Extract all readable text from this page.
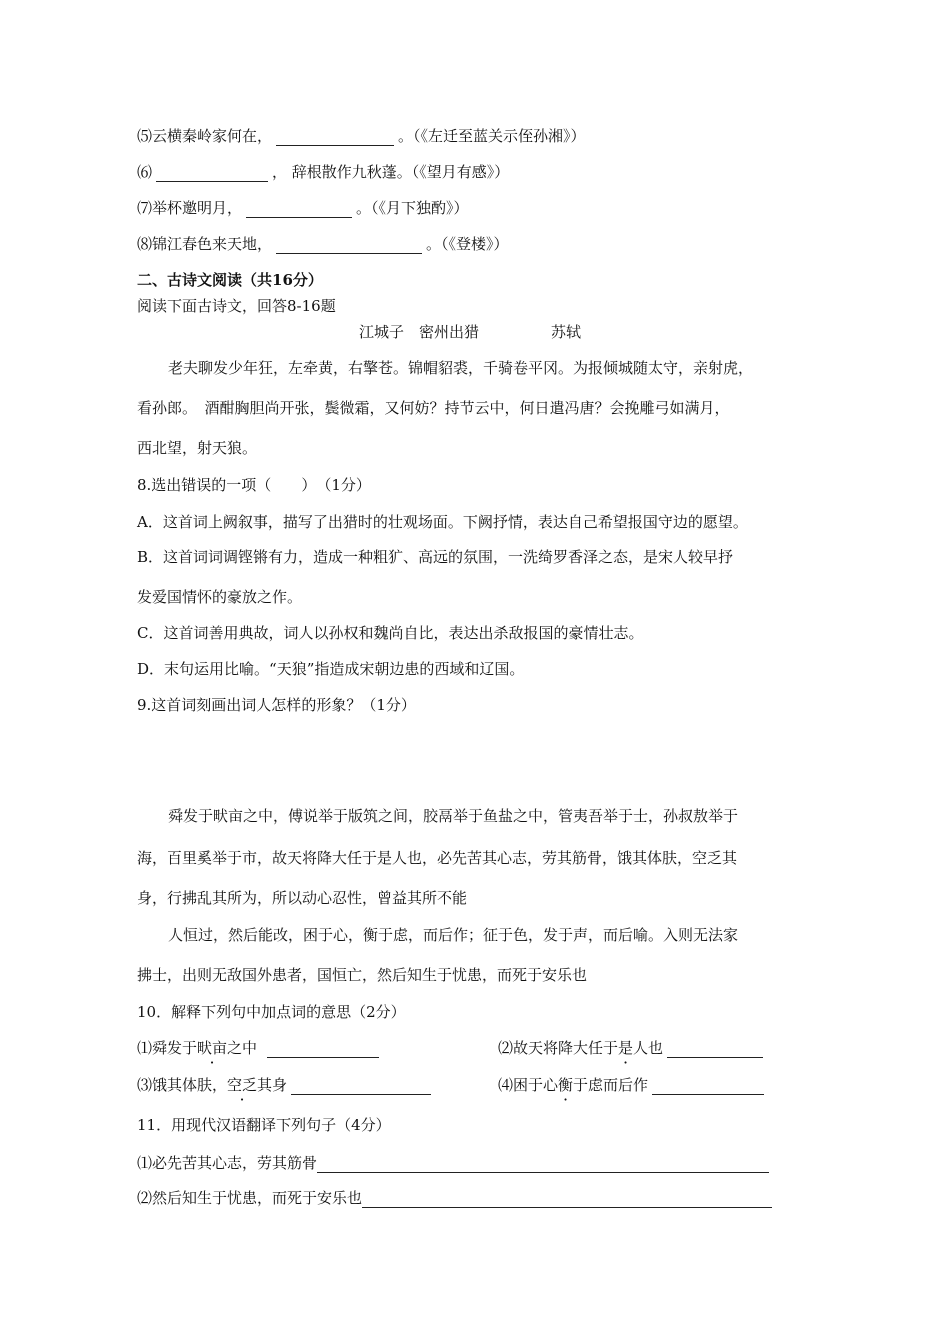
⑸云横秦岭家何在，	。（《左迁至蓝关示侄孙湘》）
⑹	， 辞根散作九秋蓬。（《望月有感》）
⑺举杯邀明月，	。（《月下独酌》）
⑻锦江春色来天地，	。（《登楼》）
二、古诗文阅读（共16分）
阅读下面古诗文，回答8-16题
江城子　密州出猎	苏轼
老夫聊发少年狂，左牵黄，右擎苍。锦帽貂裘，千骑卷平冈。为报倾城随太守，亲射虎，
看孙郎。　酒酣胸胆尚开张，鬓微霜，又何妨？持节云中，何日遣冯唐？会挽雕弓如满月，
西北望，射天狼。
8.选出错误的一项（　　）　（1分）
A．这首词上阙叙事，描写了出猎时的壮观场面。下阙抒情，表达自己希望报国守边的愿望。
B．这首词词调铿锵有力，造成一种粗犷、高远的氛围，一洗绮罗香泽之态，是宋人较早抒
发爱国情怀的豪放之作。
C．这首词善用典故，词人以孙权和魏尚自比，表达出杀敌报国的豪情壮志。
D．末句运用比喻。“天狼”指造成宋朝边患的西域和辽国。
9.这首词刻画出词人怎样的形象？（1分）
舜发于畎亩之中，傅说举于版筑之间，胶鬲举于鱼盐之中，管夷吾举于士，孙叔敖举于
海，百里奚举于市，故天将降大任于是人也，必先苦其心志，劳其筋骨，饿其体肤，空乏其
身，行拂乱其所为，所以动心忍性，曾益其所不能
人恒过，然后能改，困于心，衡于虑，而后作；征于色，发于声，而后喻。入则无法家
拂士，出则无敌国外患者，国恒亡，然后知生于忧患，而死于安乐也
10．解释下列句中加点词的意思（2分）
⑴舜发于畎亩之中	⑵故天将降大任于是人也
⑶饿其体肤，空乏其身	⑷困于心衡于虑而后作
11．用现代汉语翻译下列句子（4分）
⑴必先苦其心志，劳其筋骨
⑵然后知生于忧患，而死于安乐也
